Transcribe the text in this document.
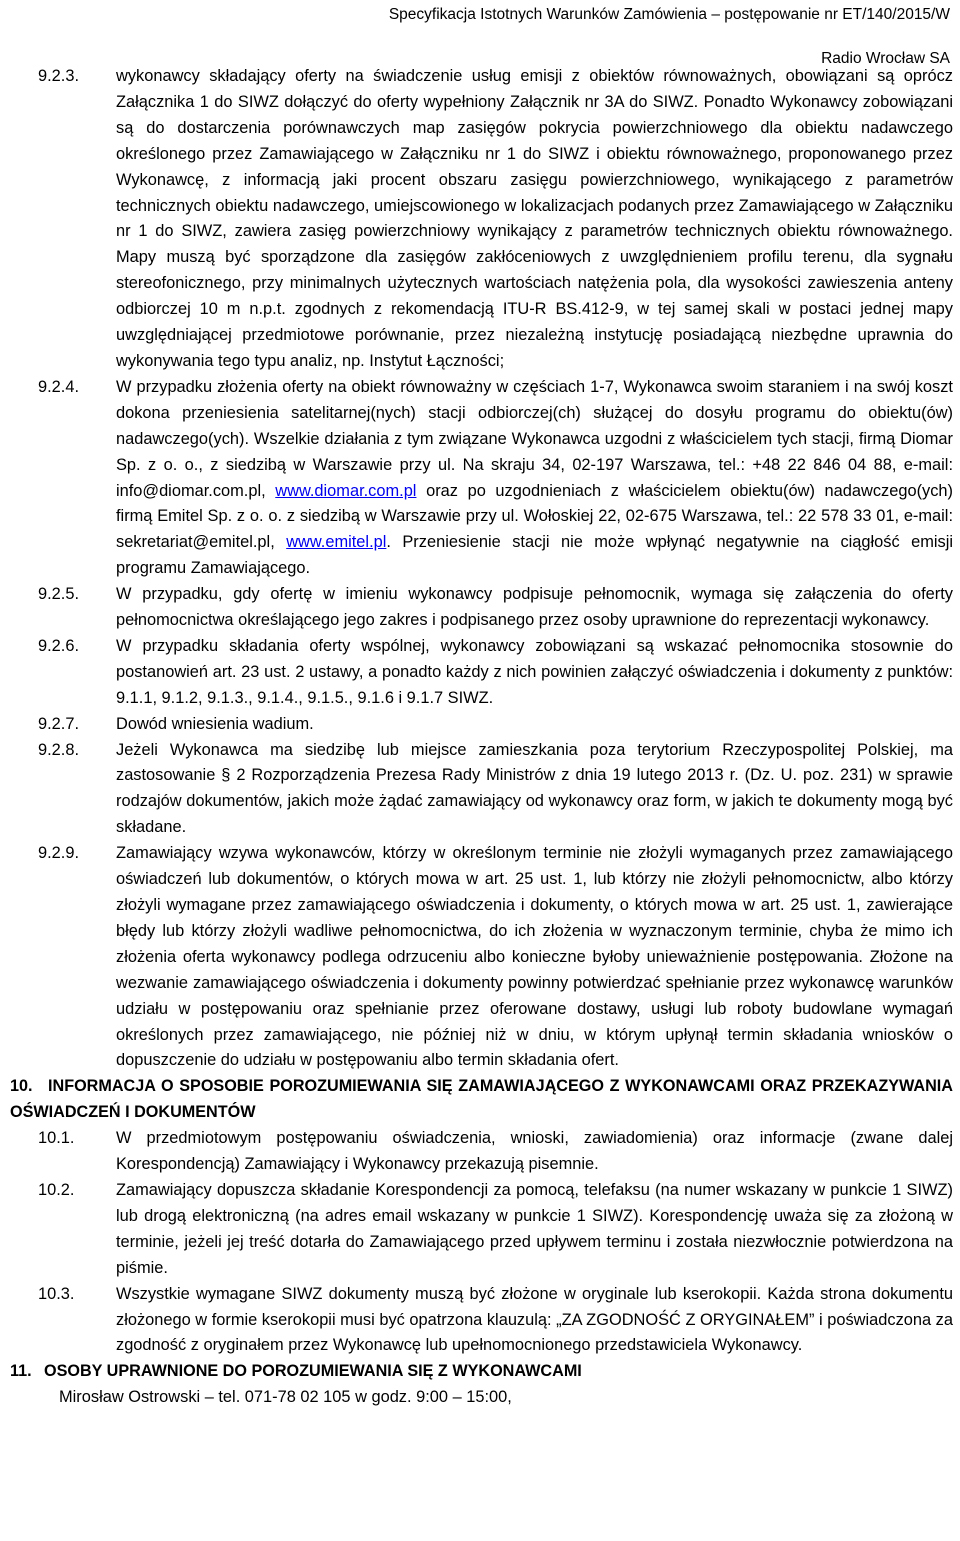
Specyfikacja Istotnych Warunków Zamówienia – postępowanie nr ET/140/2015/W
Radio Wrocław SA
9.2.3. wykonawcy składający oferty na świadczenie usług emisji z obiektów równoważnych, obowiązani są oprócz Załącznika 1 do SIWZ dołączyć do oferty wypełniony Załącznik nr 3A do SIWZ. Ponadto Wykonawcy zobowiązani są do dostarczenia porównawczych map zasięgów pokrycia powierzchniowego dla obiektu nadawczego określonego przez Zamawiającego w Załączniku nr 1 do SIWZ i obiektu równoważnego, proponowanego przez Wykonawcę, z informacją jaki procent obszaru zasięgu powierzchniowego, wynikającego z parametrów technicznych obiektu nadawczego, umiejscowionego w lokalizacjach podanych przez Zamawiającego w Załączniku nr 1 do SIWZ, zawiera zasięg powierzchniowy wynikający z parametrów technicznych obiektu równoważnego. Mapy muszą być sporządzone dla zasięgów zakłóceniowych z uwzględnieniem profilu terenu, dla sygnału stereofonicznego, przy minimalnych użytecznych wartościach natężenia pola, dla wysokości zawieszenia anteny odbiorczej 10 m n.p.t. zgodnych z rekomendacją ITU-R BS.412-9, w tej samej skali w postaci jednej mapy uwzględniającej przedmiotowe porównanie, przez niezależną instytucję posiadającą niezbędne uprawnia do wykonywania tego typu analiz, np. Instytut Łączności;
9.2.4. W przypadku złożenia oferty na obiekt równoważny w częściach 1-7, Wykonawca swoim staraniem i na swój koszt dokona przeniesienia satelitarnej(nych) stacji odbiorczej(ch) służącej do dosyłu programu do obiektu(ów) nadawczego(ych). Wszelkie działania z tym związane Wykonawca uzgodni z właścicielem tych stacji, firmą Diomar Sp. z o. o., z siedzibą w Warszawie przy ul. Na skraju 34, 02-197 Warszawa, tel.: +48 22 846 04 88, e-mail: info@diomar.com.pl, www.diomar.com.pl oraz po uzgodnieniach z właścicielem obiektu(ów) nadawczego(ych) firmą Emitel Sp. z o. o. z siedzibą w Warszawie przy ul. Wołoskiej 22, 02-675 Warszawa, tel.: 22 578 33 01, e-mail: sekretariat@emitel.pl, www.emitel.pl. Przeniesienie stacji nie może wpłynąć negatywnie na ciągłość emisji programu Zamawiającego.
9.2.5. W przypadku, gdy ofertę w imieniu wykonawcy podpisuje pełnomocnik, wymaga się załączenia do oferty pełnomocnictwa określającego jego zakres i podpisanego przez osoby uprawnione do reprezentacji wykonawcy.
9.2.6. W przypadku składania oferty wspólnej, wykonawcy zobowiązani są wskazać pełnomocnika stosownie do postanowień art. 23 ust. 2 ustawy, a ponadto każdy z nich powinien załączyć oświadczenia i dokumenty z punktów: 9.1.1, 9.1.2, 9.1.3., 9.1.4., 9.1.5., 9.1.6 i 9.1.7 SIWZ.
9.2.7. Dowód wniesienia wadium.
9.2.8. Jeżeli Wykonawca ma siedzibę lub miejsce zamieszkania poza terytorium Rzeczypospolitej Polskiej, ma zastosowanie § 2 Rozporządzenia Prezesa Rady Ministrów z dnia 19 lutego 2013 r. (Dz. U. poz. 231) w sprawie rodzajów dokumentów, jakich może żądać zamawiający od wykonawcy oraz form, w jakich te dokumenty mogą być składane.
9.2.9. Zamawiający wzywa wykonawców, którzy w określonym terminie nie złożyli wymaganych przez zamawiającego oświadczeń lub dokumentów, o których mowa w art. 25 ust. 1, lub którzy nie złożyli pełnomocnictw, albo którzy złożyli wymagane przez zamawiającego oświadczenia i dokumenty, o których mowa w art. 25 ust. 1, zawierające błędy lub którzy złożyli wadliwe pełnomocnictwa, do ich złożenia w wyznaczonym terminie, chyba że mimo ich złożenia oferta wykonawcy podlega odrzuceniu albo konieczne byłoby unieważnienie postępowania. Złożone na wezwanie zamawiającego oświadczenia i dokumenty powinny potwierdzać spełnianie przez wykonawcę warunków udziału w postępowaniu oraz spełnianie przez oferowane dostawy, usługi lub roboty budowlane wymagań określonych przez zamawiającego, nie później niż w dniu, w którym upłynął termin składania wniosków o dopuszczenie do udziału w postępowaniu albo termin składania ofert.
10. INFORMACJA O SPOSOBIE POROZUMIEWANIA SIĘ ZAMAWIAJĄCEGO Z WYKONAWCAMI ORAZ PRZEKAZYWANIA OŚWIADCZEŃ I DOKUMENTÓW
10.1.	W przedmiotowym postępowaniu oświadczenia, wnioski, zawiadomienia) oraz informacje (zwane dalej Korespondencją) Zamawiający i Wykonawcy przekazują pisemnie.
10.2.	Zamawiający dopuszcza składanie Korespondencji za pomocą, telefaksu (na numer wskazany w punkcie 1 SIWZ) lub drogą elektroniczną (na adres email wskazany w punkcie 1 SIWZ). Korespondencję uważa się za złożoną w terminie, jeżeli jej treść dotarła do Zamawiającego przed upływem terminu i została niezwłocznie potwierdzona na piśmie.
10.3.	Wszystkie wymagane SIWZ dokumenty muszą być złożone w oryginale lub kserokopii. Każda strona dokumentu złożonego w formie kserokopii musi być opatrzona klauzulą: „ZA ZGODNOŚĆ Z ORYGINAŁEM” i poświadczona za zgodność z oryginałem przez Wykonawcę lub upełnomocnionego przedstawiciela Wykonawcy.
11. OSOBY UPRAWNIONE DO POROZUMIEWANIA SIĘ Z WYKONAWCAMI
Mirosław Ostrowski – tel. 071-78 02 105 w godz. 9:00 – 15:00,
